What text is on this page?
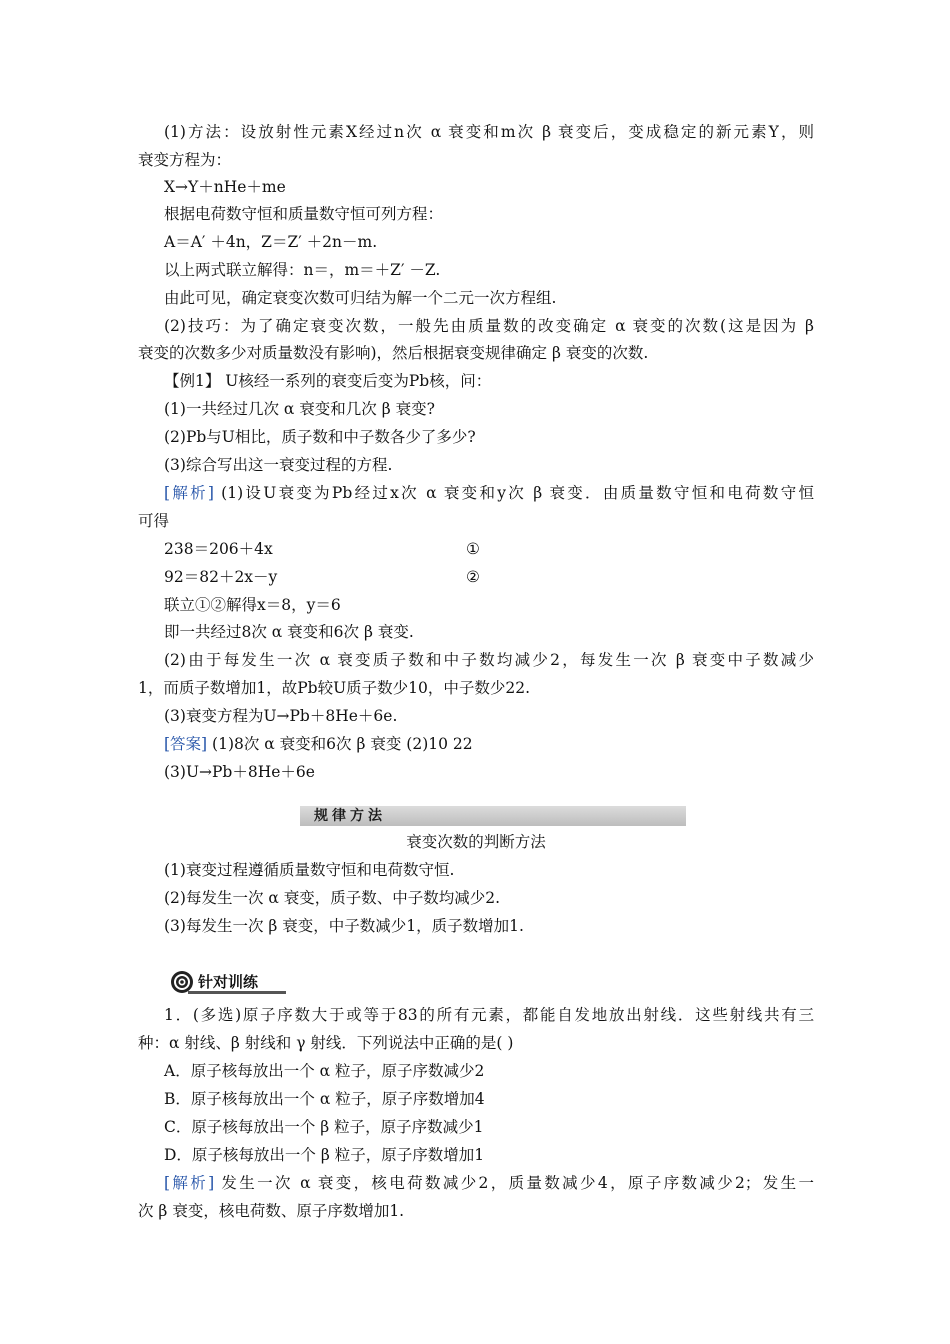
(1)方法：设放射性元素X经过n次 α 衰变和m次 β 衰变后，变成稳定的新元素Y，则
衰变方程为：
X→Y＋nHe＋me
根据电荷数守恒和质量数守恒可列方程：
A＝A′ ＋4n，Z＝Z′ ＋2n－m.
以上两式联立解得：n＝，m＝＋Z′ －Z.
由此可见，确定衰变次数可归结为解一个二元一次方程组.
(2)技巧：为了确定衰变次数，一般先由质量数的改变确定 α 衰变的次数(这是因为 β
衰变的次数多少对质量数没有影响)，然后根据衰变规律确定 β 衰变的次数.
【例1】 U核经一系列的衰变后变为Pb核，问：
(1)一共经过几次 α 衰变和几次 β 衰变?
(2)Pb与U相比，质子数和中子数各少了多少?
(3)综合写出这一衰变过程的方程.
[解析] (1)设U衰变为Pb经过x次 α 衰变和y次 β 衰变．由质量数守恒和电荷数守恒
可得
238＝206＋4x	①
92＝82＋2x－y	②
联立①②解得x＝8，y＝6
即一共经过8次 α 衰变和6次 β 衰变.
(2)由于每发生一次 α 衰变质子数和中子数均减少2，每发生一次 β 衰变中子数减少
1，而质子数增加1，故Pb较U质子数少10，中子数少22.
(3)衰变方程为U→Pb＋8He＋6e.
[答案] (1)8次 α 衰变和6次 β 衰变 (2)10 22
(3)U→Pb＋8He＋6e
规律方法
衰变次数的判断方法
(1)衰变过程遵循质量数守恒和电荷数守恒.
(2)每发生一次 α 衰变，质子数、中子数均减少2.
(3)每发生一次 β 衰变，中子数减少1，质子数增加1.
针对训练
1．(多选)原子序数大于或等于83的所有元素，都能自发地放出射线．这些射线共有三
种：α 射线、β 射线和 γ 射线．下列说法中正确的是( )
A．原子核每放出一个 α 粒子，原子序数减少2
B．原子核每放出一个 α 粒子，原子序数增加4
C．原子核每放出一个 β 粒子，原子序数减少1
D．原子核每放出一个 β 粒子，原子序数增加1
[解析] 发生一次 α 衰变，核电荷数减少2，质量数减少4，原子序数减少2；发生一
次 β 衰变，核电荷数、原子序数增加1.
